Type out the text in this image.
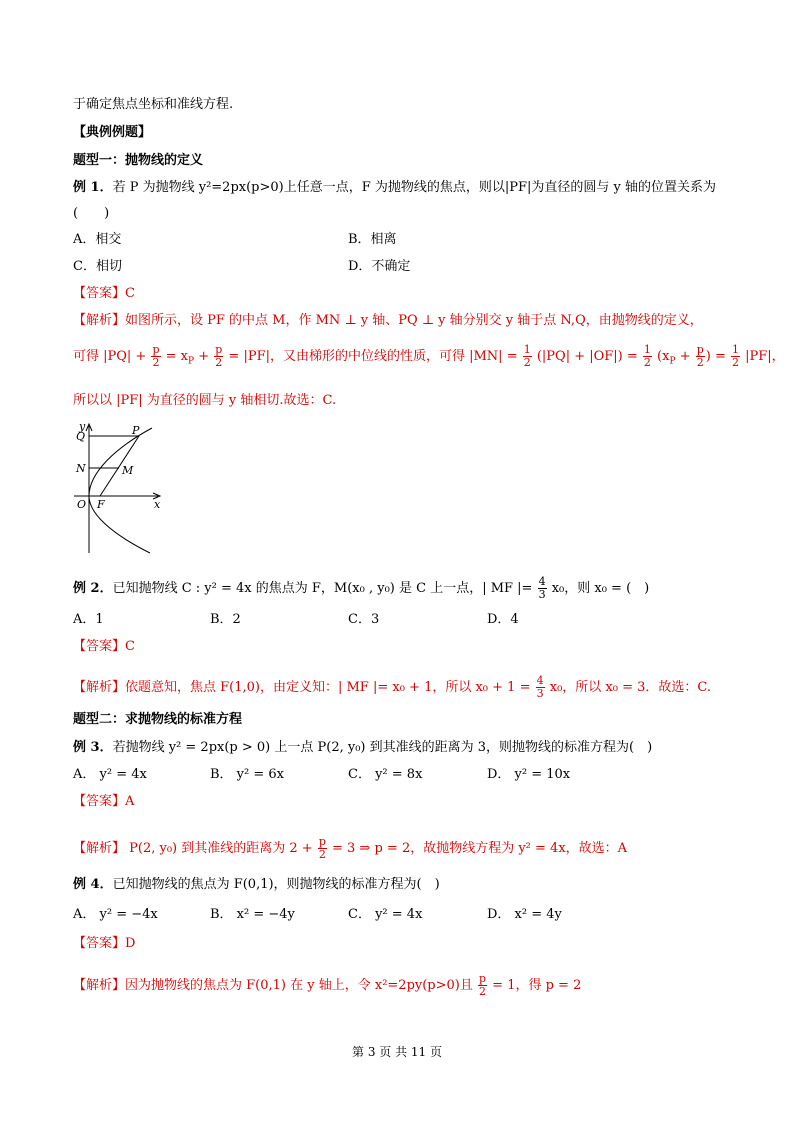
于确定焦点坐标和准线方程.
【典例例题】
题型一：抛物线的定义
例 1．若 P 为抛物线 y²=2px(p>0)上任意一点，F 为抛物线的焦点，则以|PF|为直径的圆与 y 轴的位置关系为
(　　)
A．相交	B．相离
C．相切	D．不确定
【答案】C
【解析】如图所示，设 PF 的中点 M，作 MN ⊥ y 轴、PQ ⊥ y 轴分别交 y 轴于点 N,Q，由抛物线的定义，
可得 $|PQ| + \frac{p}{2} = x_P + \frac{p}{2} = |PF|$，又由梯形的中位线的性质，可得 $|MN| = \frac{1}{2} (|PQ| + |OF|) = \frac{1}{2} (x_P + \frac{p}{2}$ ) = $\frac{1}{2} |PF|$，
所以以 |PF| 为直径的圆与 y 轴相切.故选：C.
y
Q	P
N	M
O F	x
例 2．已知抛物线 C : y² = 4x 的焦点为 F，M(x₀ , y₀) 是 C 上一点，| MF |= $\frac{4}{3} x_0$，则 x₀ = (　)
A．1	B．2	C．3	D．4
【答案】C
【解析】依题意知，焦点 F(1,0)，由定义知：| MF |= x₀ + 1，所以 $x_0 + 1 = \frac{4}{3} x_0$，所以 x₀ = 3．故选：C.
题型二：求抛物线的标准方程
例 3．若抛物线 y² = 2px(p > 0) 上一点 P(2, y₀) 到其准线的距离为 3，则抛物线的标准方程为(　)
A． y² = 4x	B． y² = 6x	C． y² = 8x	D． y² = 10x
【答案】A
【解析】 P(2, y₀) 到其准线的距离为 $2 + \frac{p}{2} = 3$ ⇒ p = 2，故抛物线方程为 y² = 4x，故选：A
例 4．已知抛物线的焦点为 F(0,1)，则抛物线的标准方程为(　)
A． y² = −4x	B． x² = −4y	C． y² = 4x	D． x² = 4y
【答案】D
【解析】因为抛物线的焦点为 F(0,1) 在 y 轴上，令 x²=2py(p>0)且 $\frac{p}{2} = 1$，得 p = 2
第 3 页 共 11 页
